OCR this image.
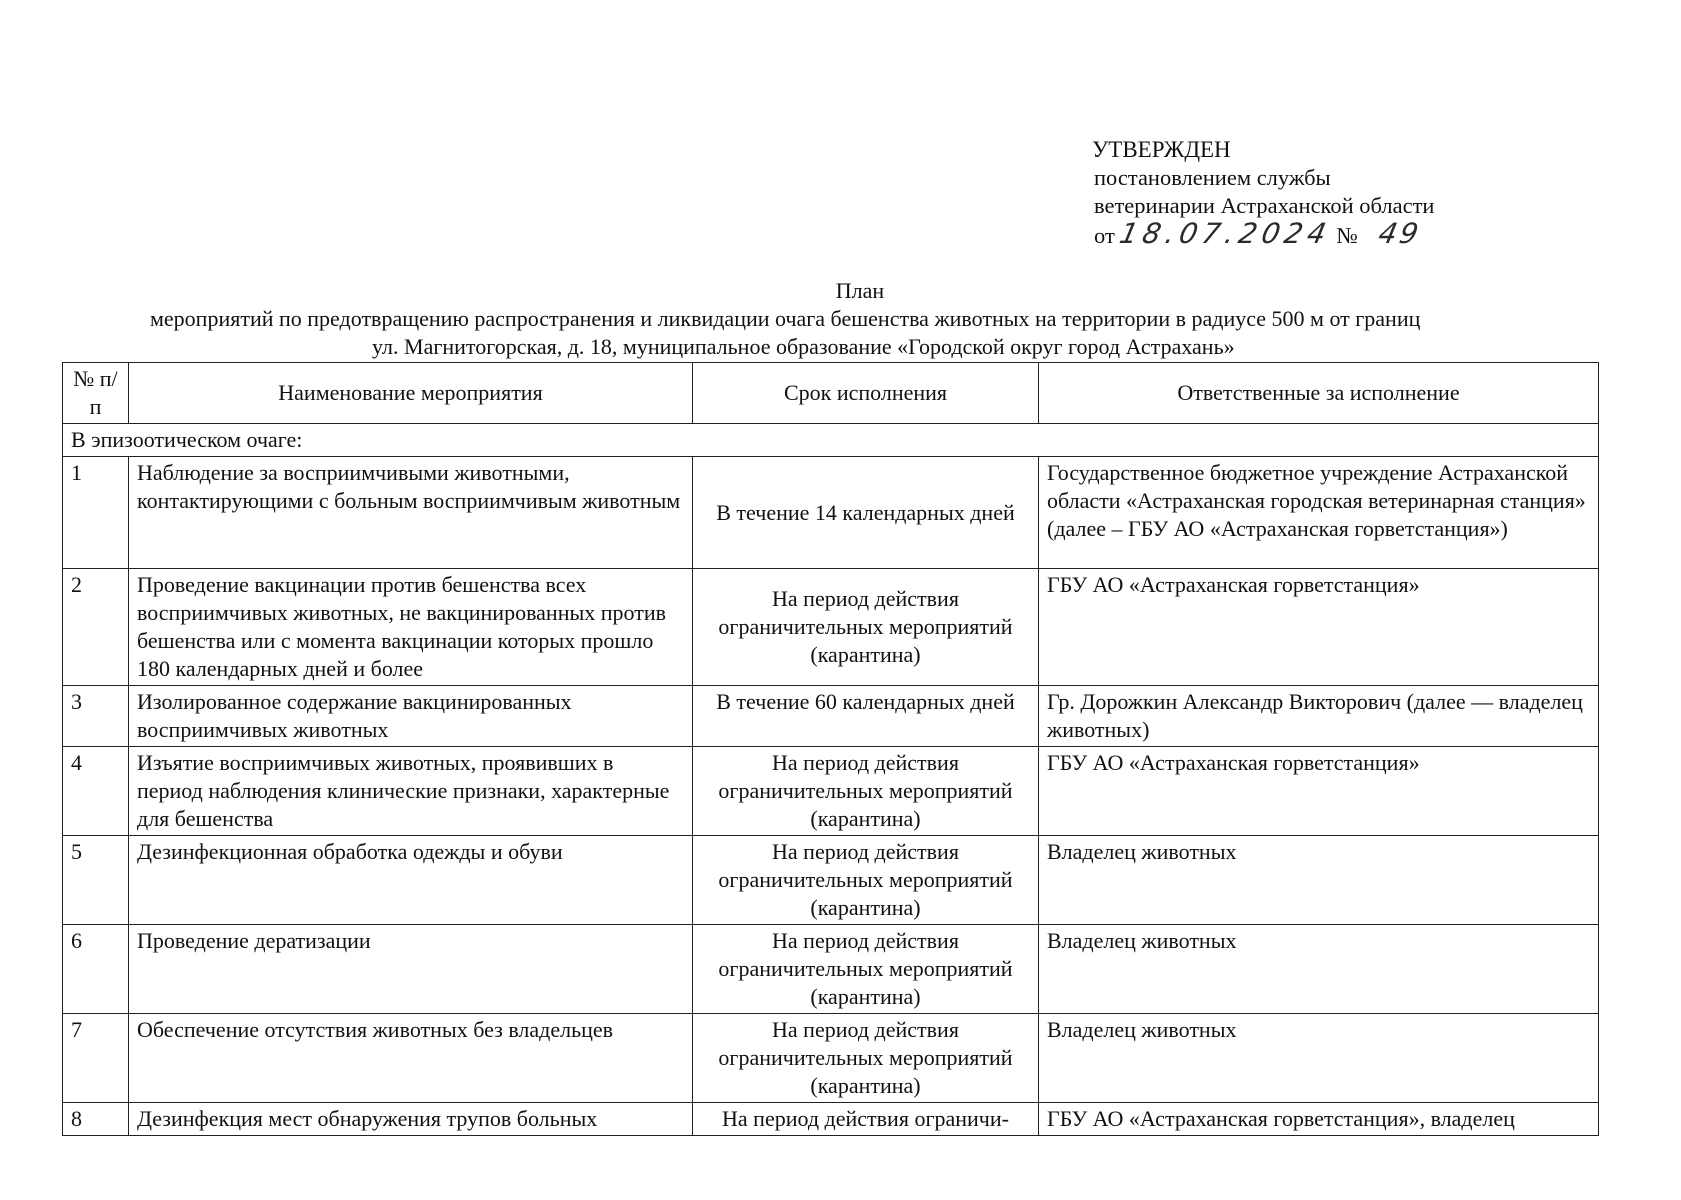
УТВЕРЖДЕН
постановлением службы
ветеринарии Астраханской области
от 18.07.2024 № 49
План
мероприятий по предотвращению распространения и ликвидации очага бешенства животных на территории в радиусе 500 м от границ
ул. Магнитогорская, д. 18, муниципальное образование «Городской округ город Астрахань»
№ п/п	Наименование мероприятия	Срок исполнения	Ответственные за исполнение
В эпизоотическом очаге:			
1	Наблюдение за восприимчивыми животными, контактирующими с больным восприимчивым животным	В течение 14 календарных дней	Государственное бюджетное учреждение Астраханской области «Астраханская городская ветеринарная станция» (далее – ГБУ АО «Астраханская горветстанция»)
2	Проведение вакцинации против бешенства всех восприимчивых животных, не вакцинированных против бешенства или с момента вакцинации которых прошло 180 календарных дней и более	На период действия ограничительных мероприятий (карантина)	ГБУ АО «Астраханская горветстанция»
3	Изолированное содержание вакцинированных восприимчивых животных	В течение 60 календарных дней	Гр. Дорожкин Александр Викторович (далее — владелец животных)
4	Изъятие восприимчивых животных, проявивших в период наблюдения клинические признаки, характерные для бешенства	На период действия ограничительных мероприятий (карантина)	ГБУ АО «Астраханская горветстанция»
5	Дезинфекционная обработка одежды и обуви	На период действия ограничительных мероприятий (карантина)	Владелец животных
6	Проведение дератизации	На период действия ограничительных мероприятий (карантина)	Владелец животных
7	Обеспечение отсутствия животных без владельцев	На период действия ограничительных мероприятий (карантина)	Владелец животных
8	Дезинфекция мест обнаружения трупов больных	На период действия ограничи-	ГБУ АО «Астраханская горветстанция», владелец
